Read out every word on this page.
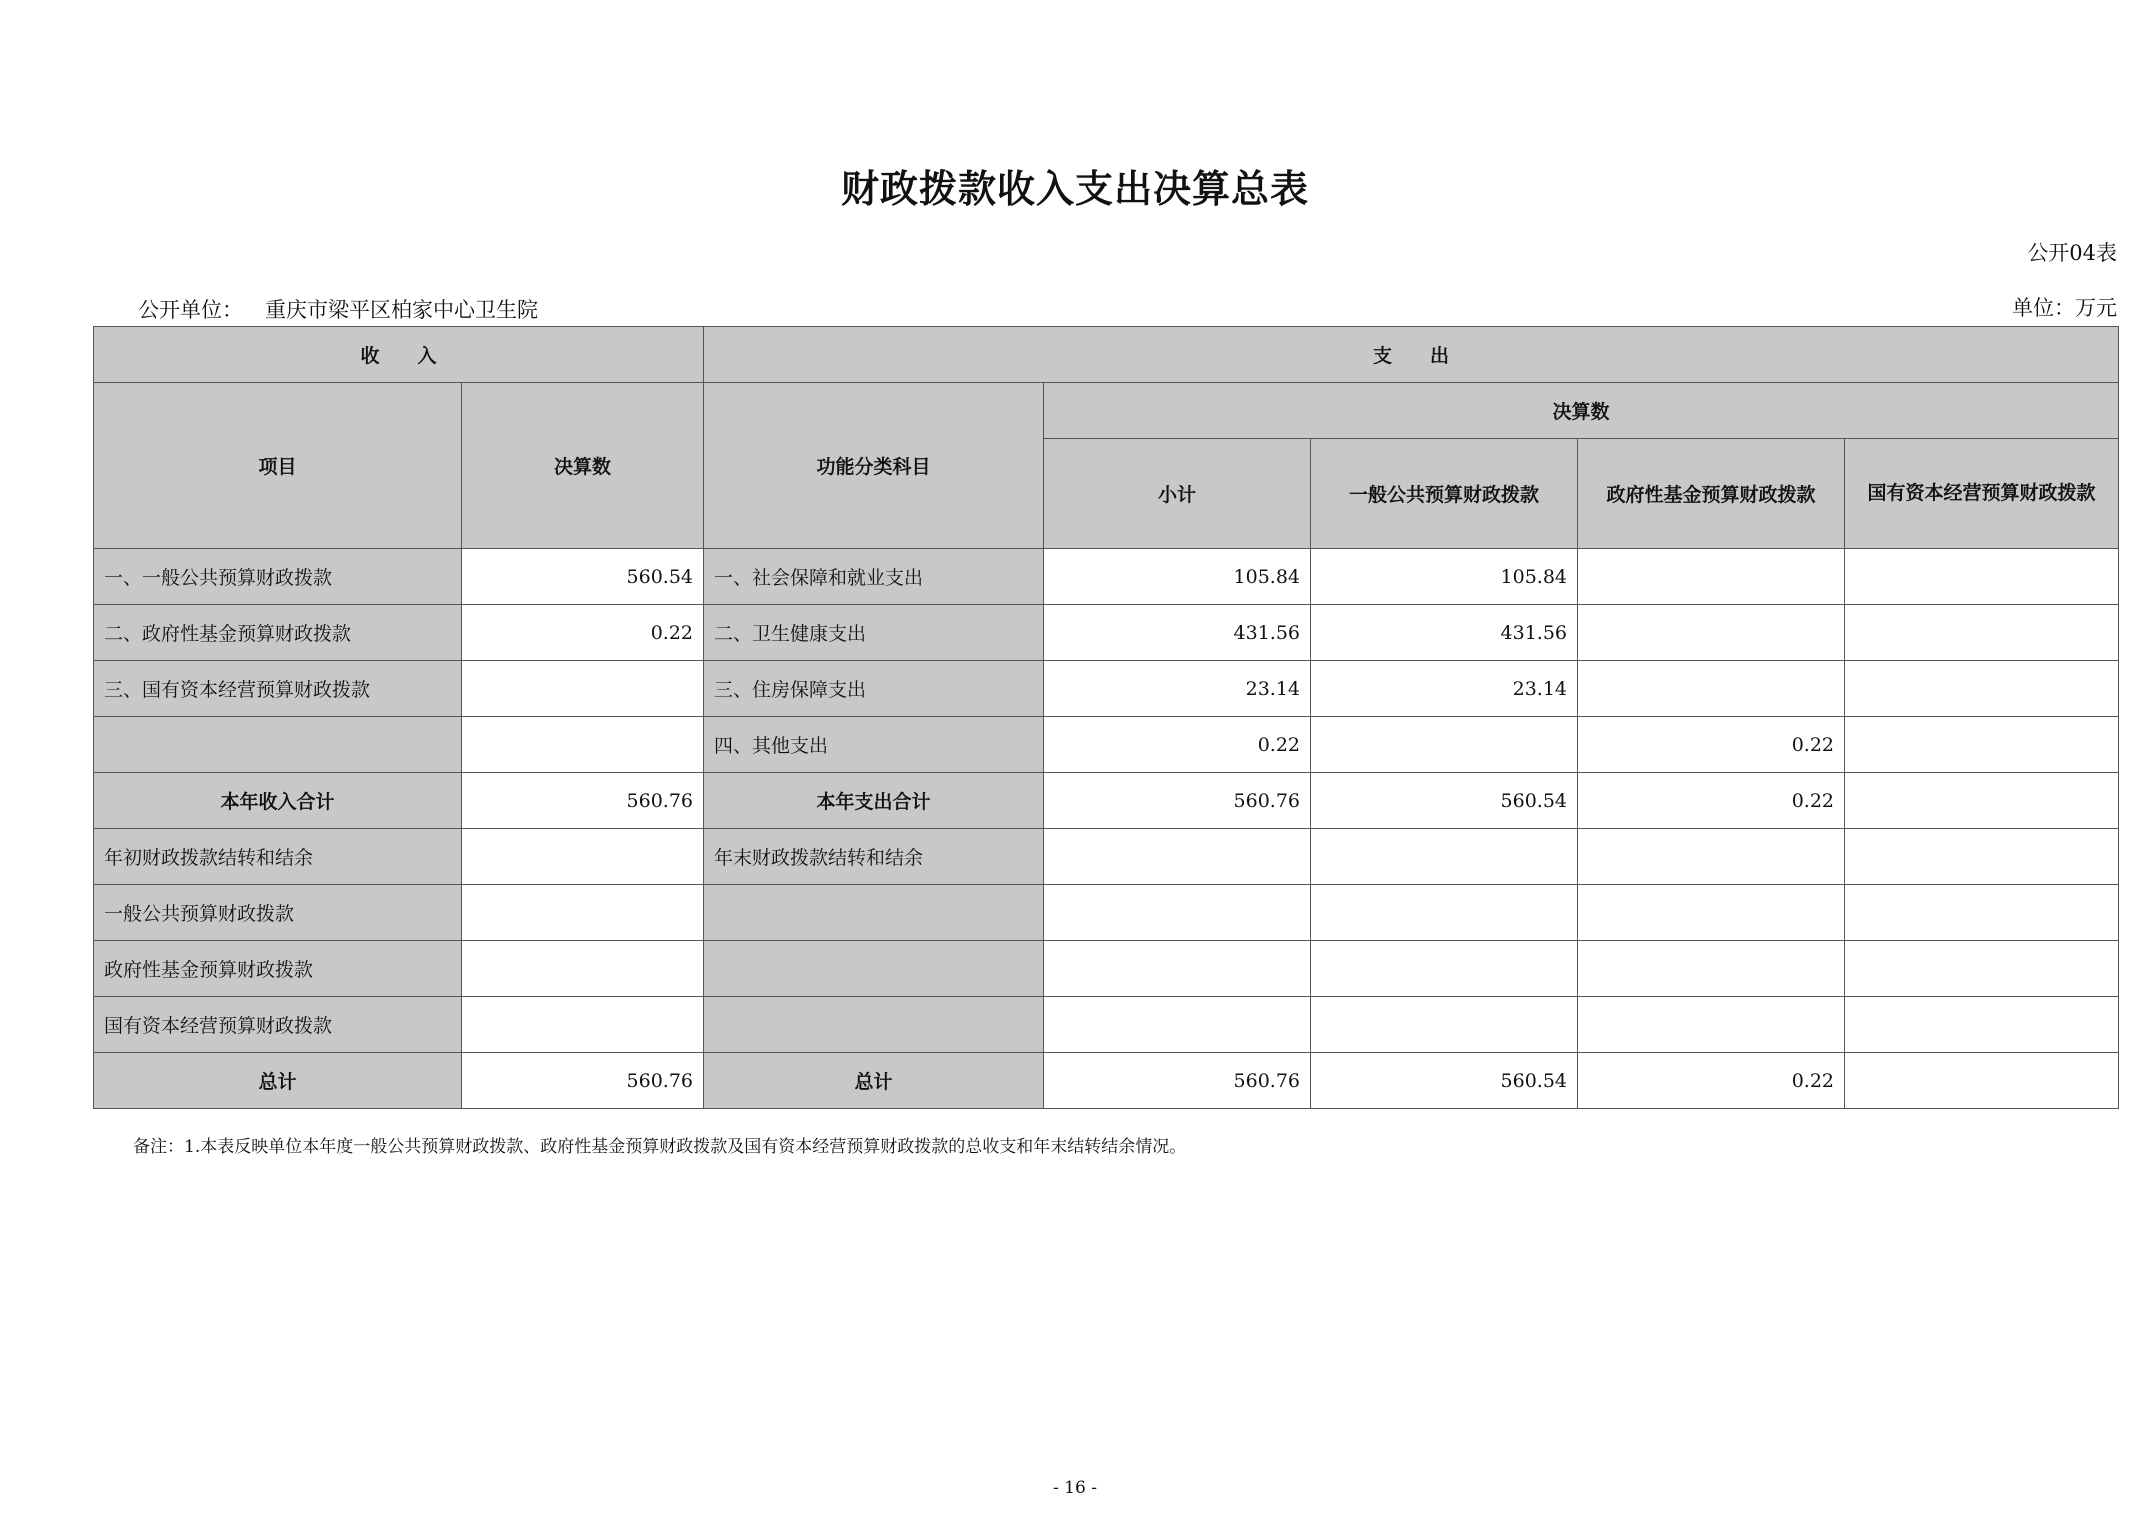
财政拨款收入支出决算总表
公开04表
公开单位： 重庆市梁平区柏家中心卫生院	单位：万元
收　　入		支　　出				
项目	决算数	功能分类科目	决算数			
			小计	一般公共预算财政拨款	政府性基金预算财政拨款	国有资本经营预算财政拨款
一、一般公共预算财政拨款	560.54	一、社会保障和就业支出	105.84	105.84		
二、政府性基金预算财政拨款	0.22	二、卫生健康支出	431.56	431.56		
三、国有资本经营预算财政拨款		三、住房保障支出	23.14	23.14		
		四、其他支出	0.22		0.22	
本年收入合计	560.76	本年支出合计	560.76	560.54	0.22	
年初财政拨款结转和结余		年末财政拨款结转和结余				
一般公共预算财政拨款						
政府性基金预算财政拨款						
国有资本经营预算财政拨款						
总计	560.76	总计	560.76	560.54	0.22	
备注：1.本表反映单位本年度一般公共预算财政拨款、政府性基金预算财政拨款及国有资本经营预算财政拨款的总收支和年末结转结余情况。
- 16 -
